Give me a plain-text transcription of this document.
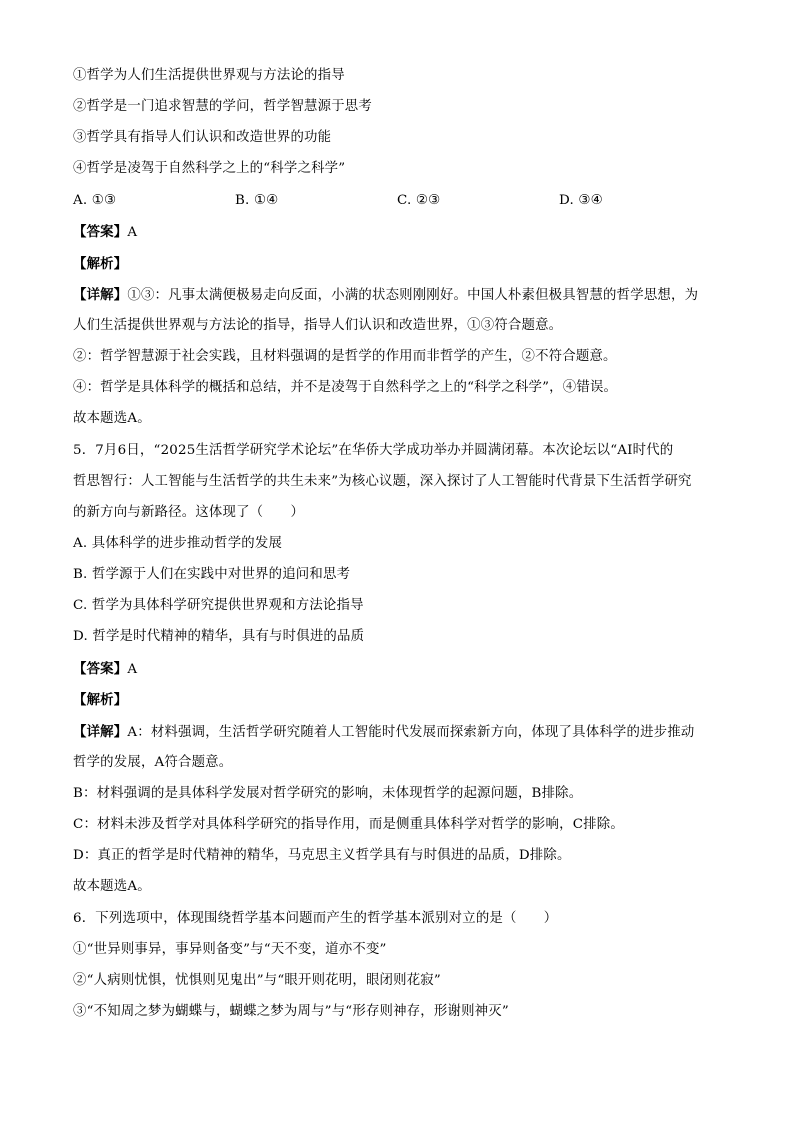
①哲学为人们生活提供世界观与方法论的指导
②哲学是一门追求智慧的学问，哲学智慧源于思考
③哲学具有指导人们认识和改造世界的功能
④哲学是凌驾于自然科学之上的“科学之科学”
A. ①③	B. ①④	C. ②③	D. ③④
【答案】A
【解析】
【详解】①③：凡事太满便极易走向反面，小满的状态则刚刚好。中国人朴素但极具智慧的哲学思想，为
人们生活提供世界观与方法论的指导，指导人们认识和改造世界，①③符合题意。
②：哲学智慧源于社会实践，且材料强调的是哲学的作用而非哲学的产生，②不符合题意。
④：哲学是具体科学的概括和总结，并不是凌驾于自然科学之上的“科学之科学”，④错误。
故本题选A。
5．7月6日，“2025生活哲学研究学术论坛”在华侨大学成功举办并圆满闭幕。本次论坛以“AI时代的
哲思智行：人工智能与生活哲学的共生未来”为核心议题，深入探讨了人工智能时代背景下生活哲学研究
的新方向与新路径。这体现了（　　）
A. 具体科学的进步推动哲学的发展
B. 哲学源于人们在实践中对世界的追问和思考
C. 哲学为具体科学研究提供世界观和方法论指导
D. 哲学是时代精神的精华，具有与时俱进的品质
【答案】A
【解析】
【详解】A：材料强调，生活哲学研究随着人工智能时代发展而探索新方向，体现了具体科学的进步推动
哲学的发展，A符合题意。
B：材料强调的是具体科学发展对哲学研究的影响，未体现哲学的起源问题，B排除。
C：材料未涉及哲学对具体科学研究的指导作用，而是侧重具体科学对哲学的影响，C排除。
D：真正的哲学是时代精神的精华，马克思主义哲学具有与时俱进的品质，D排除。
故本题选A。
6．下列选项中，体现围绕哲学基本问题而产生的哲学基本派别对立的是（　　）
①“世异则事异，事异则备变”与“天不变，道亦不变”
②“人病则忧惧，忧惧则见鬼出”与“眼开则花明，眼闭则花寂”
③“不知周之梦为蝴蝶与，蝴蝶之梦为周与”与“形存则神存，形谢则神灭”
